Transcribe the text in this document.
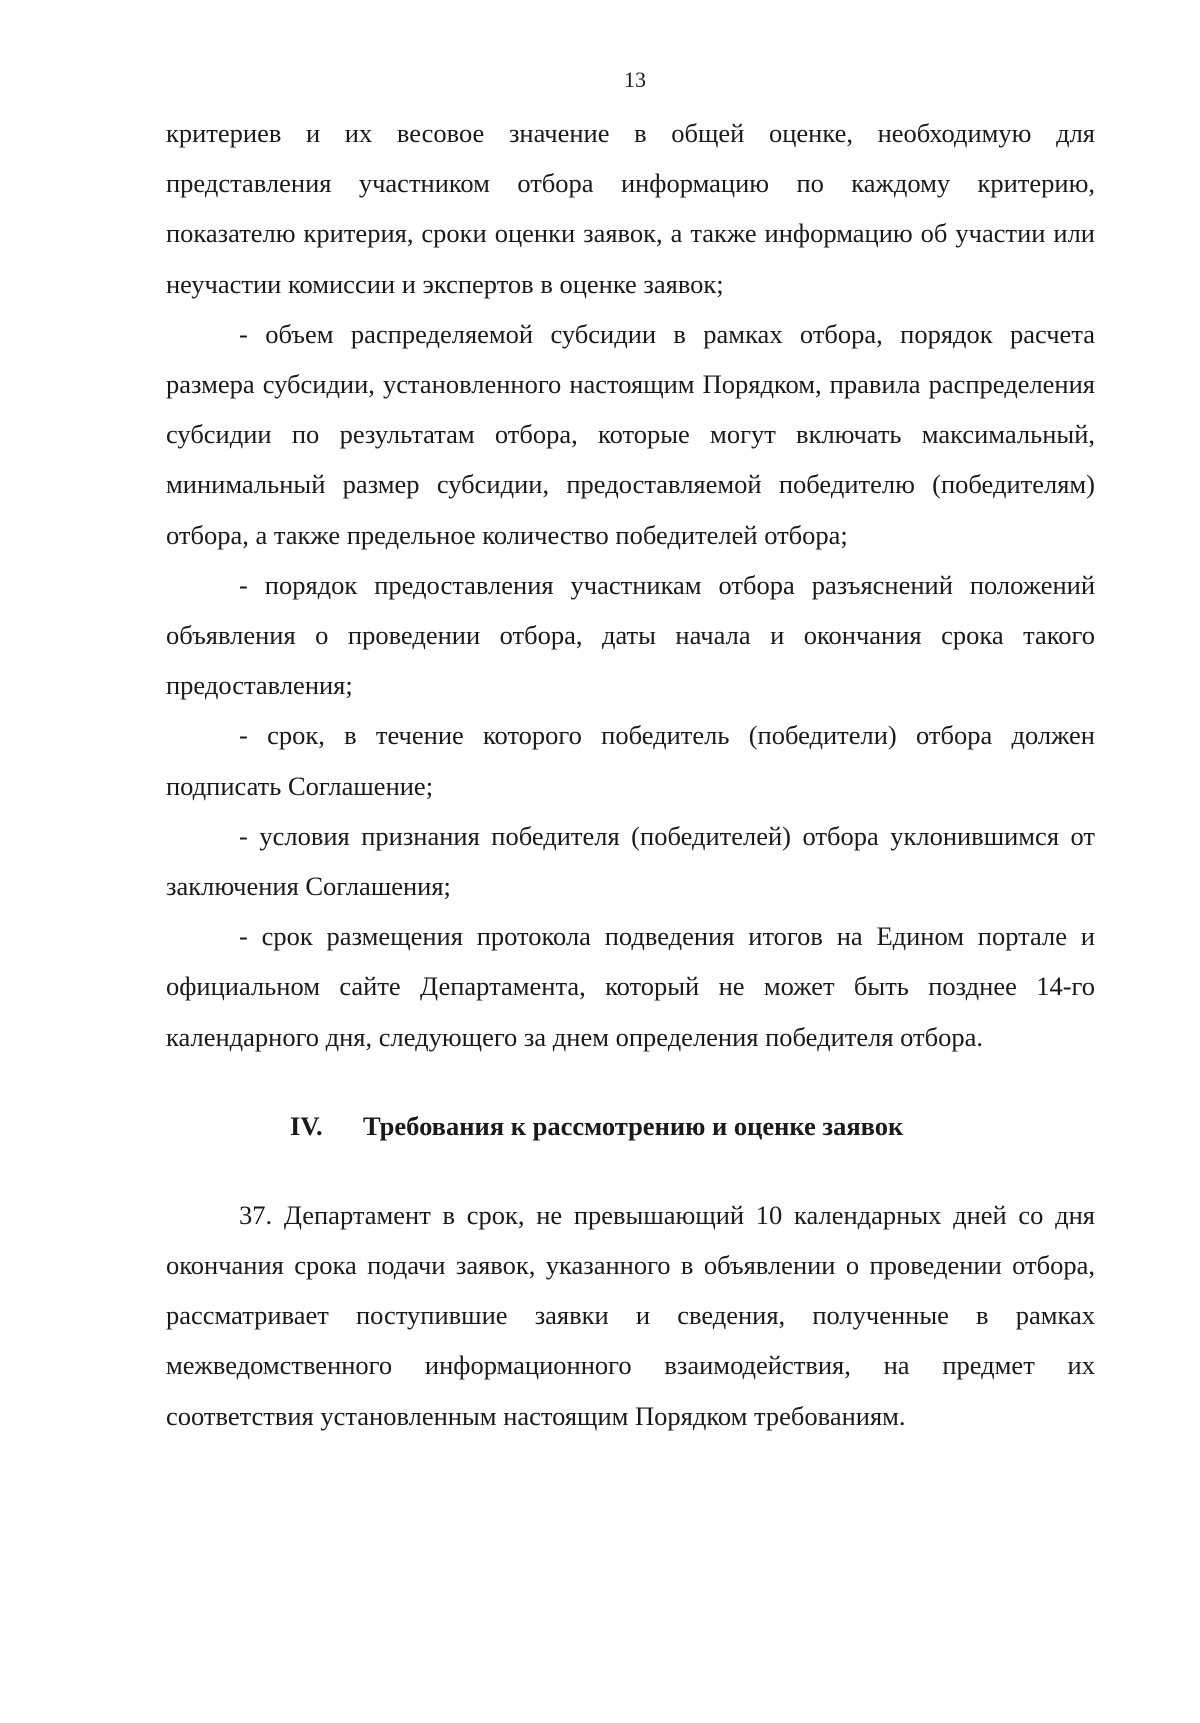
13

критериев и их весовое значение в общей оценке, необходимую для представления участником отбора информацию по каждому критерию, показателю критерия, сроки оценки заявок, а также информацию об участии или неучастии комиссии и экспертов в оценке заявок;

- объем распределяемой субсидии в рамках отбора, порядок расчета размера субсидии, установленного настоящим Порядком, правила распределения субсидии по результатам отбора, которые могут включать максимальный, минимальный размер субсидии, предоставляемой победителю (победителям) отбора, а также предельное количество победителей отбора;

- порядок предоставления участникам отбора разъяснений положений объявления о проведении отбора, даты начала и окончания срока такого предоставления;

- срок, в течение которого победитель (победители) отбора должен подписать Соглашение;

- условия признания победителя (победителей) отбора уклонившимся от заключения Соглашения;

- срок размещения протокола подведения итогов на Едином портале и официальном сайте Департамента, который не может быть позднее 14-го календарного дня, следующего за днем определения победителя отбора.

IV. Требования к рассмотрению и оценке заявок

37. Департамент в срок, не превышающий 10 календарных дней со дня окончания срока подачи заявок, указанного в объявлении о проведении отбора, рассматривает поступившие заявки и сведения, полученные в рамках межведомственного информационного взаимодействия, на предмет их соответствия установленным настоящим Порядком требованиям.
